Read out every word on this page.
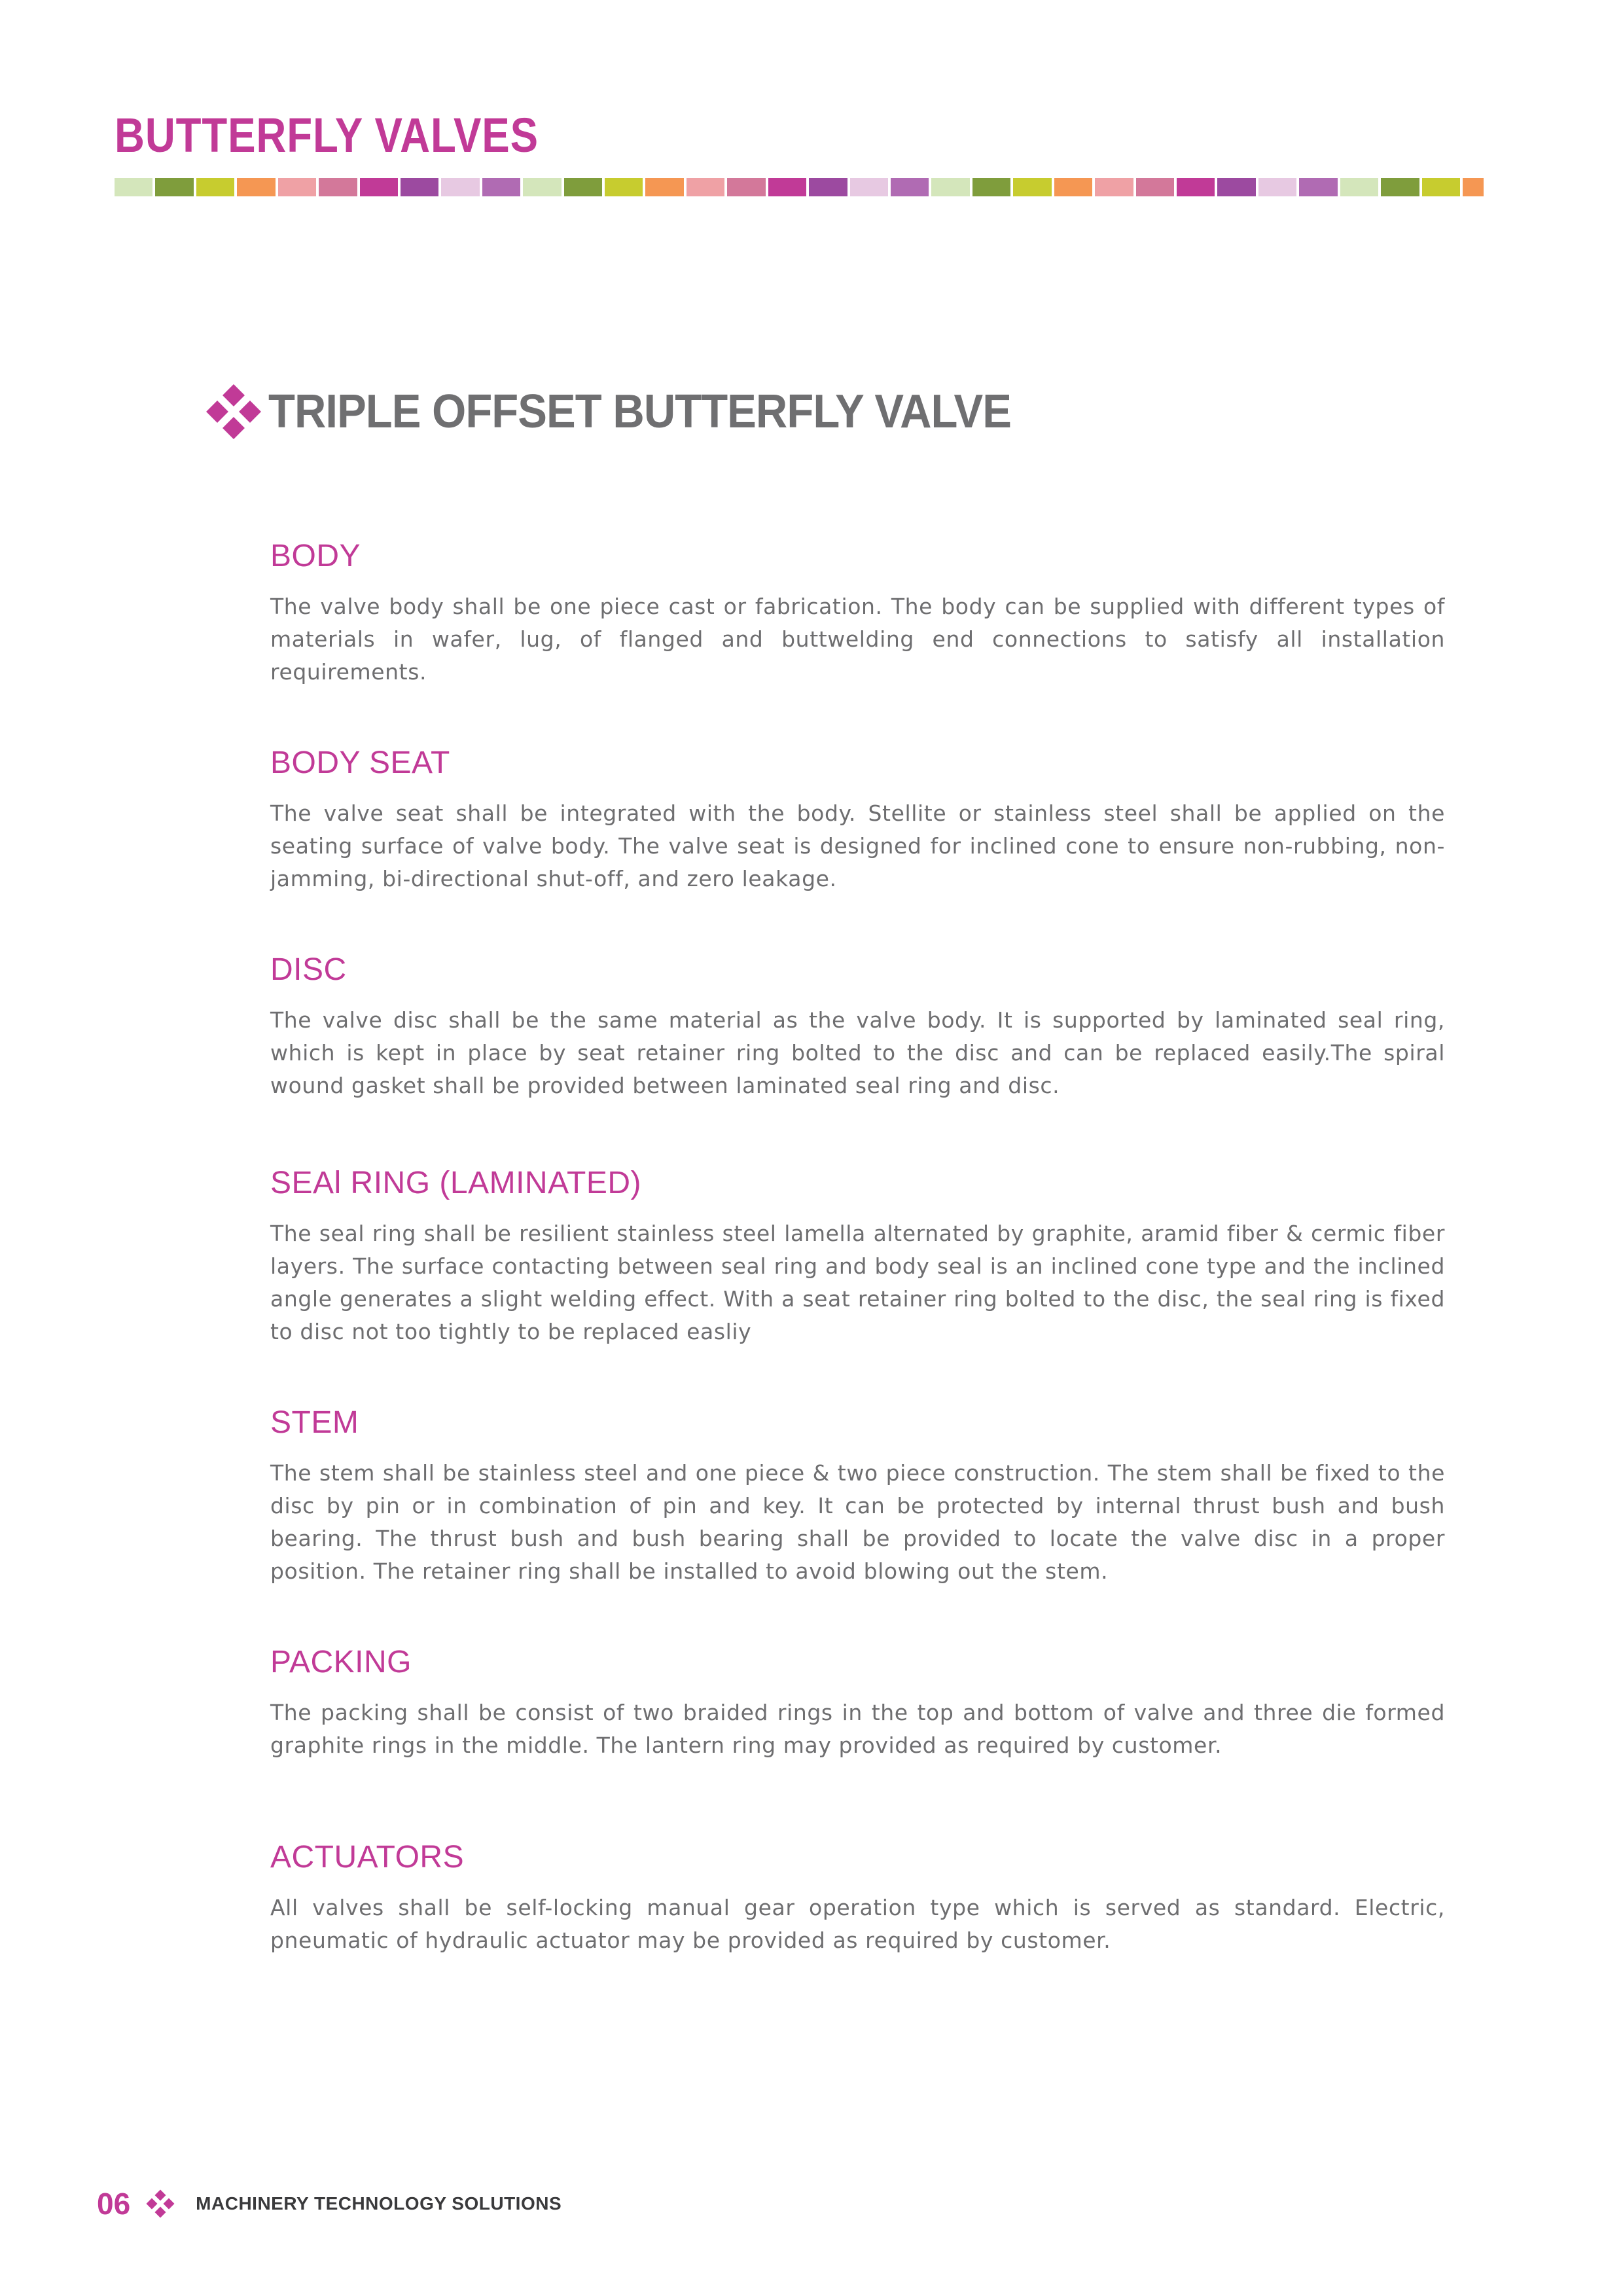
BUTTERFLY VALVES
TRIPLE OFFSET BUTTERFLY VALVE
BODY

The valve body shall be one piece cast or fabrication. The body can be supplied with different types of materials in wafer, lug, of flanged and buttwelding end connections to satisfy all installation requirements.

BODY SEAT

The valve seat shall be integrated with the body. Stellite or stainless steel shall be applied on the seating surface of valve body. The valve seat is designed for inclined cone to ensure non-rubbing, non-jamming, bi-directional shut-off, and zero leakage.

DISC

The valve disc shall be the same material as the valve body. It is supported by laminated seal ring, which is kept in place by seat retainer ring bolted to the disc and can be replaced easily.The spiral wound gasket shall be provided between laminated seal ring and disc.

SEAl RING (LAMINATED)

The seal ring shall be resilient stainless steel lamella alternated by graphite, aramid fiber & cermic fiber layers. The surface contacting between seal ring and body seal is an inclined cone type and the inclined angle generates a slight welding effect. With a seat retainer ring bolted to the disc, the seal ring is fixed to disc not too tightly to be replaced easliy

STEM

The stem shall be stainless steel and one piece & two piece construction. The stem shall be fixed to the disc by pin or in combination of pin and key. It can be protected by internal thrust bush and bush bearing. The thrust bush and bush bearing shall be provided to locate the valve disc in a proper position. The retainer ring shall be installed to avoid blowing out the stem.

PACKING

The packing shall be consist of two braided rings in the top and bottom of valve and three die formed graphite rings in the middle. The lantern ring may provided as required by customer.

ACTUATORS

All valves shall be self-locking manual gear operation type which is served as standard. Electric, pneumatic of hydraulic actuator may be provided as required by customer.

06	MACHINERY TECHNOLOGY SOLUTIONS
